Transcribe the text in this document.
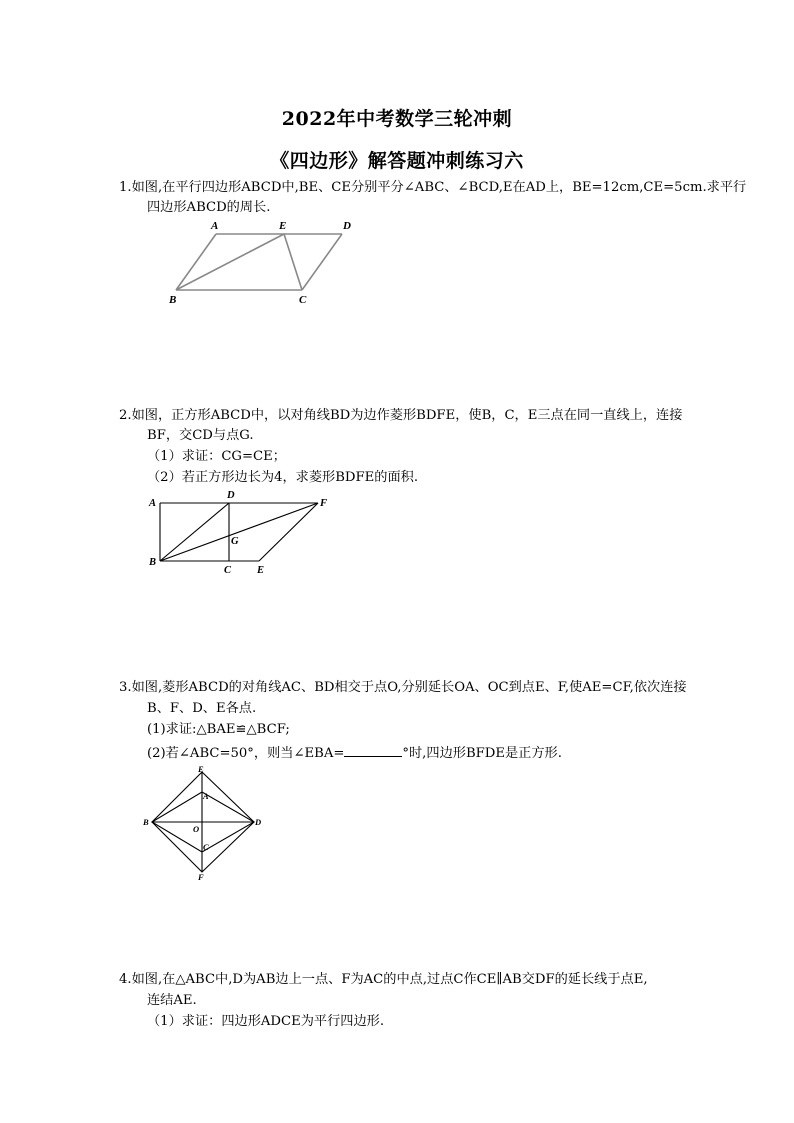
2022年中考数学三轮冲刺
《四边形》解答题冲刺练习六
1.如图,在平行四边形ABCD中,BE、CE分别平分∠ABC、∠BCD,E在AD上，BE=12cm,CE=5cm.求平行
四边形ABCD的周长.
A	E	D
B	C
2.如图，正方形ABCD中，以对角线BD为边作菱形BDFE，使B，C，E三点在同一直线上，连接
BF，交CD与点G.
（1）求证：CG=CE；
（2）若正方形边长为4，求菱形BDFE的面积.
A
D
F
G
B
C E
3.如图,菱形ABCD的对角线AC、BD相交于点O,分别延长OA、OC到点E、F,使AE=CF,依次连接
B、F、D、E各点.
(1)求证:△BAE≌△BCF;
(2)若∠ABC=50°，则当∠EBA=	°时,四边形BFDE是正方形.
E
A
B
O
D
C
F
4.如图,在△ABC中,D为AB边上一点、F为AC的中点,过点C作CE∥AB交DF的延长线于点E,
连结AE.
（1）求证：四边形ADCE为平行四边形.
